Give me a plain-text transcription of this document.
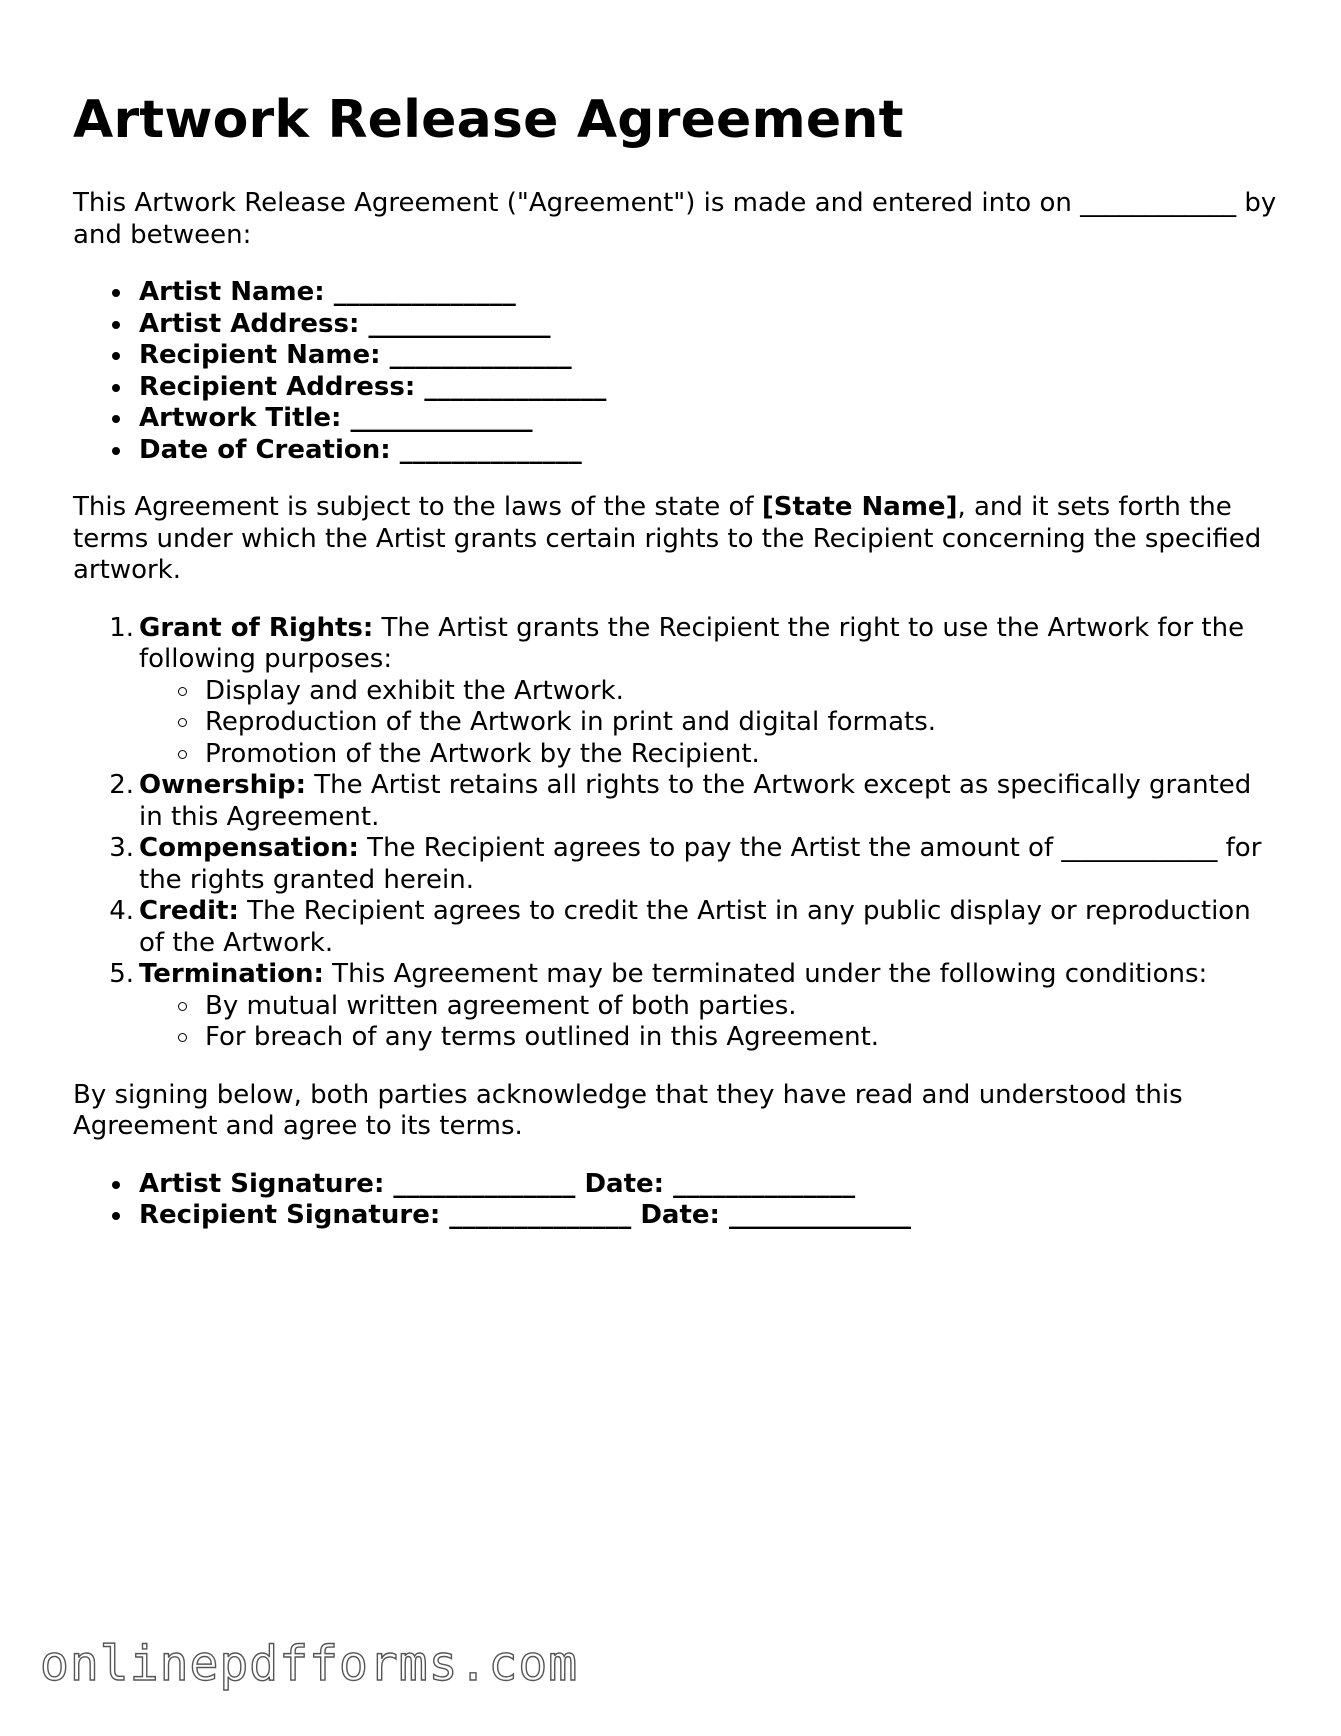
Artwork Release Agreement

This Artwork Release Agreement ("Agreement") is made and entered into on ____________ by and between:

Artist Name: ______________
Artist Address: ______________
Recipient Name: ______________
Recipient Address: ______________
Artwork Title: ______________
Date of Creation: ______________

This Agreement is subject to the laws of the state of [State Name], and it sets forth the terms under which the Artist grants certain rights to the Recipient concerning the specified artwork.

Grant of Rights: The Artist grants the Recipient the right to use the Artwork for the following purposes:
Display and exhibit the Artwork.
Reproduction of the Artwork in print and digital formats.
Promotion of the Artwork by the Recipient.
Ownership: The Artist retains all rights to the Artwork except as specifically granted in this Agreement.
Compensation: The Recipient agrees to pay the Artist the amount of ____________ for the rights granted herein.
Credit: The Recipient agrees to credit the Artist in any public display or reproduction of the Artwork.
Termination: This Agreement may be terminated under the following conditions:
By mutual written agreement of both parties.
For breach of any terms outlined in this Agreement.

By signing below, both parties acknowledge that they have read and understood this Agreement and agree to its terms.

Artist Signature: ______________ Date: ______________
Recipient Signature: ______________ Date: ______________
onlinepdfforms.com
